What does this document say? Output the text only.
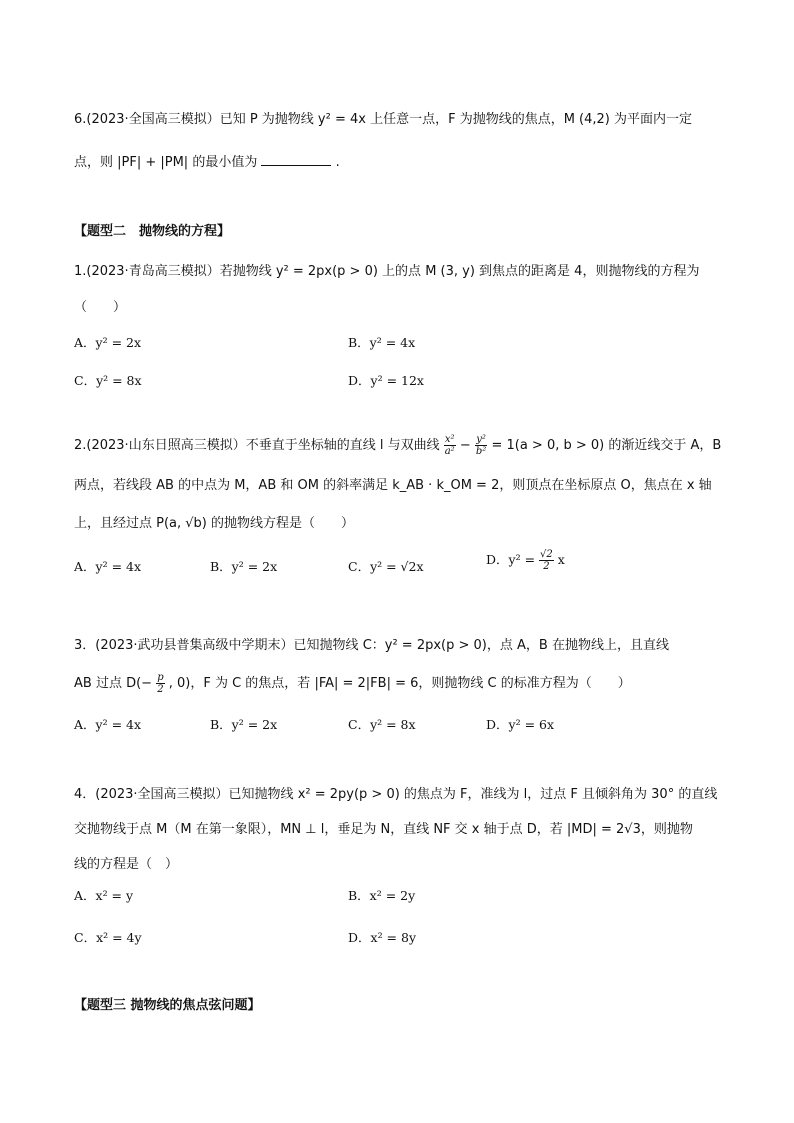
6.(2023·全国高三模拟）已知 P 为抛物线 y² = 4x 上任意一点，F 为抛物线的焦点，M (4,2) 为平面内一定
点，则 |PF| + |PM| 的最小值为	.
【题型二　抛物线的方程】
1.(2023·青岛高三模拟）若抛物线 y² = 2px(p > 0) 上的点 M (3, y) 到焦点的距离是 4，则抛物线的方程为
（　　）
A．y² = 2x	B．y² = 4x
C．y² = 8x	D．y² = 12x
2.(2023·山东日照高三模拟）不垂直于坐标轴的直线 l 与双曲线 $\frac{\text{x²}}{\text{a²}} - \frac{\text{y²}}{\text{b²}} = 1(a > 0$, b > 0) 的渐近线交于 A，B
两点，若线段 AB 的中点为 M，AB 和 OM 的斜率满足 k_AB · k_OM = 2，则顶点在坐标原点 O，焦点在 x 轴
上，且经过点 P(a, √b) 的抛物线方程是（　　）
A．y² = 4x	B．y² = 2x	C．y² = √2x	D．$y^2 = \frac{√2}{2}$ x
3．(2023·武功县普集高级中学期末）已知抛物线 C：y² = 2px(p > 0)，点 A，B 在抛物线上，且直线
AB 过点 $D(- \frac{p}{2}$ , 0)，F 为 C 的焦点，若 |FA| = 2|FB| = 6，则抛物线 C 的标准方程为（　　）
A．y² = 4x	B．y² = 2x	C．y² = 8x	D．y² = 6x
4．(2023·全国高三模拟）已知抛物线 x² = 2py(p > 0) 的焦点为 F，准线为 l，过点 F 且倾斜角为 30° 的直线
交抛物线于点 M（M 在第一象限），MN ⊥ l，垂足为 N，直线 NF 交 x 轴于点 D，若 |MD| = 2√3，则抛物
线的方程是（　）
A．x² = y	B．x² = 2y
C．x² = 4y	D．x² = 8y
【题型三 抛物线的焦点弦问题】
